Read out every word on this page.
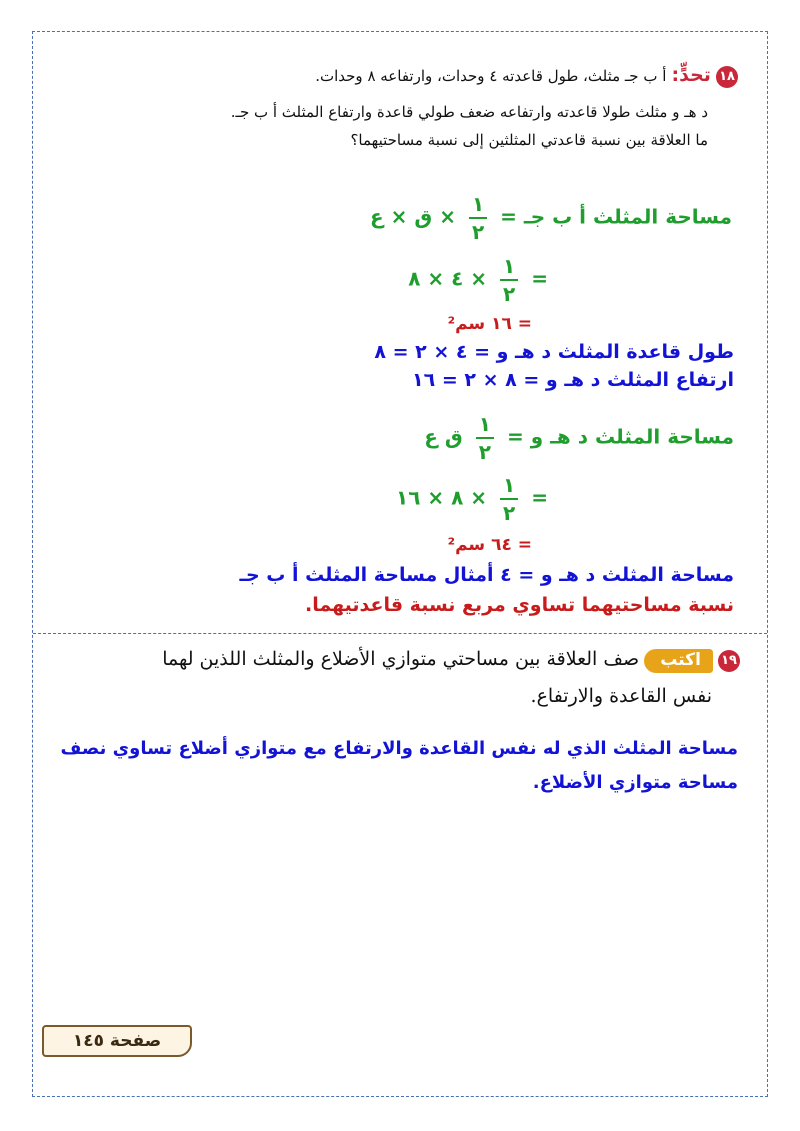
١٨ تحدٍّ: أ ب جـ مثلث، طول قاعدته ٤ وحدات، وارتفاعه ٨ وحدات.
د هـ و مثلث طولا قاعدته وارتفاعه ضعف طولي قاعدة وارتفاع المثلث أ ب جـ.
ما العلاقة بين نسبة قاعدتي المثلثين إلى نسبة مساحتيهما؟
مساحة المثلث أ ب جـ =
$\frac{١}{٢}$
× ق × ع
=
$\frac{١}{٢}$
× ٤ × ٨
= ١٦ سم²
طول قاعدة المثلث د هـ و = ٤ × ٢ = ٨
ارتفاع المثلث د هـ و = ٨ × ٢ = ١٦
مساحة المثلث د هـ و =
$\frac{١}{٢}$
ق ع
=
$\frac{١}{٢}$
× ٨ × ١٦
= ٦٤ سم²
مساحة المثلث د هـ و = ٤ أمثال مساحة المثلث أ ب جـ
نسبة مساحتيهما تساوي مربع نسبة قاعدتيهما.
١٩ اكتب صف العلاقة بين مساحتي متوازي الأضلاع والمثلث اللذين لهما
نفس القاعدة والارتفاع.
مساحة المثلث الذي له نفس القاعدة والارتفاع مع متوازي أضلاع تساوي نصف
مساحة متوازي الأضلاع.
صفحة ١٤٥
